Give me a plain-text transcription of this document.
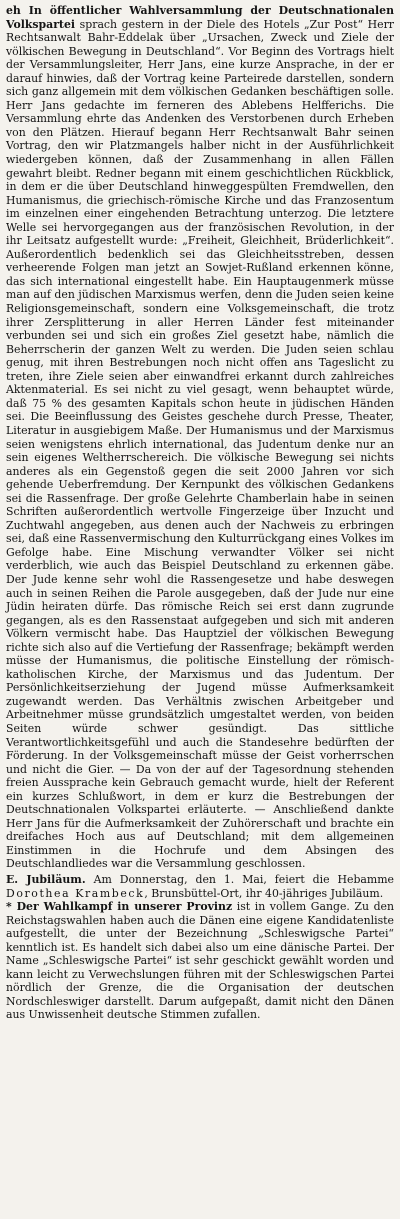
eh In öffentlicher Wahlversammlung der Deutschnationalen Volkspartei sprach gestern in der Diele des Hotels „Zur Post“ Herr Rechtsanwalt Bahr-Eddelak über „Ursachen, Zweck und Ziele der völkischen Bewegung in Deutschland“. Vor Beginn des Vortrags hielt der Versammlungsleiter, Herr Jans, eine kurze Ansprache, in der er darauf hinwies, daß der Vortrag keine Parteirede darstellen, sondern sich ganz allgemein mit dem völkischen Gedanken beschäftigen solle. Herr Jans gedachte im ferneren des Ablebens Helfferichs. Die Versammlung ehrte das Andenken des Verstorbenen durch Erheben von den Plätzen. Hierauf begann Herr Rechtsanwalt Bahr seinen Vortrag, den wir Platzmangels halber nicht in der Ausführlichkeit wiedergeben können, daß der Zusammenhang in allen Fällen gewahrt bleibt. Redner begann mit einem geschichtlichen Rückblick, in dem er die über Deutschland hinweggespülten Fremdwellen, den Humanismus, die griechisch-römische Kirche und das Franzosentum im einzelnen einer eingehenden Betrachtung unterzog. Die letztere Welle sei hervorgegangen aus der französischen Revolution, in der ihr Leitsatz aufgestellt wurde: „Freiheit, Gleichheit, Brüderlichkeit“. Außerordentlich bedenklich sei das Gleichheitsstreben, dessen verheerende Folgen man jetzt an Sowjet-Rußland erkennen könne, das sich international eingestellt habe. Ein Hauptaugenmerk müsse man auf den jüdischen Marxismus werfen, denn die Juden seien keine Religionsgemeinschaft, sondern eine Volksgemeinschaft, die trotz ihrer Zersplitterung in aller Herren Länder fest miteinander verbunden sei und sich ein großes Ziel gesetzt habe, nämlich die Beherrscherin der ganzen Welt zu werden. Die Juden seien schlau genug, mit ihren Bestrebungen noch nicht offen ans Tageslicht zu treten, ihre Ziele seien aber einwandfrei erkannt durch zahlreiches Aktenmaterial. Es sei nicht zu viel gesagt, wenn behauptet würde, daß 75 % des gesamten Kapitals schon heute in jüdischen Händen sei. Die Beeinflussung des Geistes geschehe durch Presse, Theater, Literatur in ausgiebigem Maße. Der Humanismus und der Marxismus seien wenigstens ehrlich international, das Judentum denke nur an sein eigenes Weltherrschereich. Die völkische Bewegung sei nichts anderes als ein Gegenstoß gegen die seit 2000 Jahren vor sich gehende Ueberfremdung. Der Kernpunkt des völkischen Gedankens sei die Rassenfrage. Der große Gelehrte Chamberlain habe in seinen Schriften außerordentlich wertvolle Fingerzeige über Inzucht und Zuchtwahl angegeben, aus denen auch der Nachweis zu erbringen sei, daß eine Rassenvermischung den Kulturrückgang eines Volkes im Gefolge habe. Eine Mischung verwandter Völker sei nicht verderblich, wie auch das Beispiel Deutschland zu erkennen gäbe. Der Jude kenne sehr wohl die Rassengesetze und habe deswegen auch in seinen Reihen die Parole ausgegeben, daß der Jude nur eine Jüdin heiraten dürfe. Das römische Reich sei erst dann zugrunde gegangen, als es den Rassenstaat aufgegeben und sich mit anderen Völkern vermischt habe. Das Hauptziel der völkischen Bewegung richte sich also auf die Vertiefung der Rassenfrage; bekämpft werden müsse der Humanismus, die politische Einstellung der römisch-katholischen Kirche, der Marxismus und das Judentum. Der Persönlichkeitserziehung der Jugend müsse Aufmerksamkeit zugewandt werden. Das Verhältnis zwischen Arbeitgeber und Arbeitnehmer müsse grundsätzlich umgestaltet werden, von beiden Seiten würde schwer gesündigt. Das sittliche Verantwortlichkeitsgefühl und auch die Standesehre bedürften der Förderung. In der Volksgemeinschaft müsse der Geist vorherrschen und nicht die Gier. — Da von der auf der Tagesordnung stehenden freien Aussprache kein Gebrauch gemacht wurde, hielt der Referent ein kurzes Schlußwort, in dem er kurz die Bestrebungen der Deutschnationalen Volkspartei erläuterte. — Anschließend dankte Herr Jans für die Aufmerksamkeit der Zuhörerschaft und brachte ein dreifaches Hoch aus auf Deutschland; mit dem allgemeinen Einstimmen in die Hochrufe und dem Absingen des Deutschlandliedes war die Versammlung geschlossen.

E. Jubiläum. Am Donnerstag, den 1. Mai, feiert die Hebamme Dorothea Krambeck, Brunsbüttel-Ort, ihr 40-jähriges Jubiläum.

* Der Wahlkampf in unserer Provinz ist in vollem Gange. Zu den Reichstagswahlen haben auch die Dänen eine eigene Kandidatenliste aufgestellt, die unter der Bezeichnung „Schleswigsche Partei“ kenntlich ist. Es handelt sich dabei also um eine dänische Partei. Der Name „Schleswigsche Partei“ ist sehr geschickt gewählt worden und kann leicht zu Verwechslungen führen mit der Schleswigschen Partei nördlich der Grenze, die die Organisation der deutschen Nordschleswiger darstellt. Darum aufgepaßt, damit nicht den Dänen aus Unwissenheit deutsche Stimmen zufallen.
